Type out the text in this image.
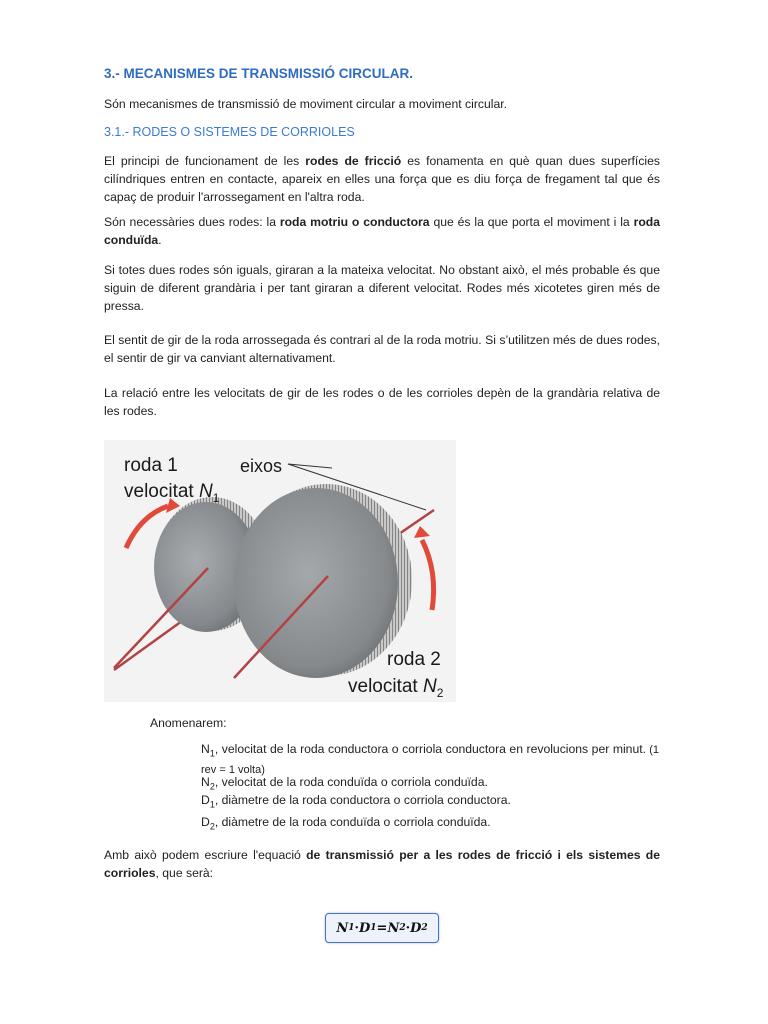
3.- MECANISMES DE TRANSMISSIÓ CIRCULAR.
Són mecanismes de transmissió de moviment circular a moviment circular.
3.1.- RODES O SISTEMES DE CORRIOLES
El principi de funcionament de les rodes de fricció es fonamenta en què quan dues superfícies cilíndriques entren en contacte, apareix en elles una força que es diu força de fregament tal que és capaç de produir l'arrossegament en l'altra roda.
Són necessàries dues rodes: la roda motriu o conductora que és la que porta el moviment i la roda conduïda.
Si totes dues rodes són iguals, giraran a la mateixa velocitat. No obstant això, el més probable és que siguin de diferent grandària i per tant giraran a diferent velocitat. Rodes més xicotetes giren més de pressa.
El sentit de gir de la roda arrossegada és contrari al de la roda motriu. Si s’utilitzen més de dues rodes, el sentir de gir va canviant alternativament.
La relació entre les velocitats de gir de les rodes o de les corrioles depèn de la grandària relativa de les rodes.
roda 1
velocitat $N_1$
eixos
roda 2
velocitat $N_2$
Anomenarem:
$N_1$, velocitat de la roda conductora o corriola conductora en revolucions per minut. (1 rev = 1 volta)
$N_2$, velocitat de la roda conduïda o corriola conduïda.
$D_1$, diàmetre de la roda conductora o corriola conductora.
$D_2$, diàmetre de la roda conduïda o corriola conduïda.
Amb això podem escriure l'equació de transmissió per a les rodes de fricció i els sistemes de corrioles, que serà:
N 1 · D 1 = N 2 · D 2
